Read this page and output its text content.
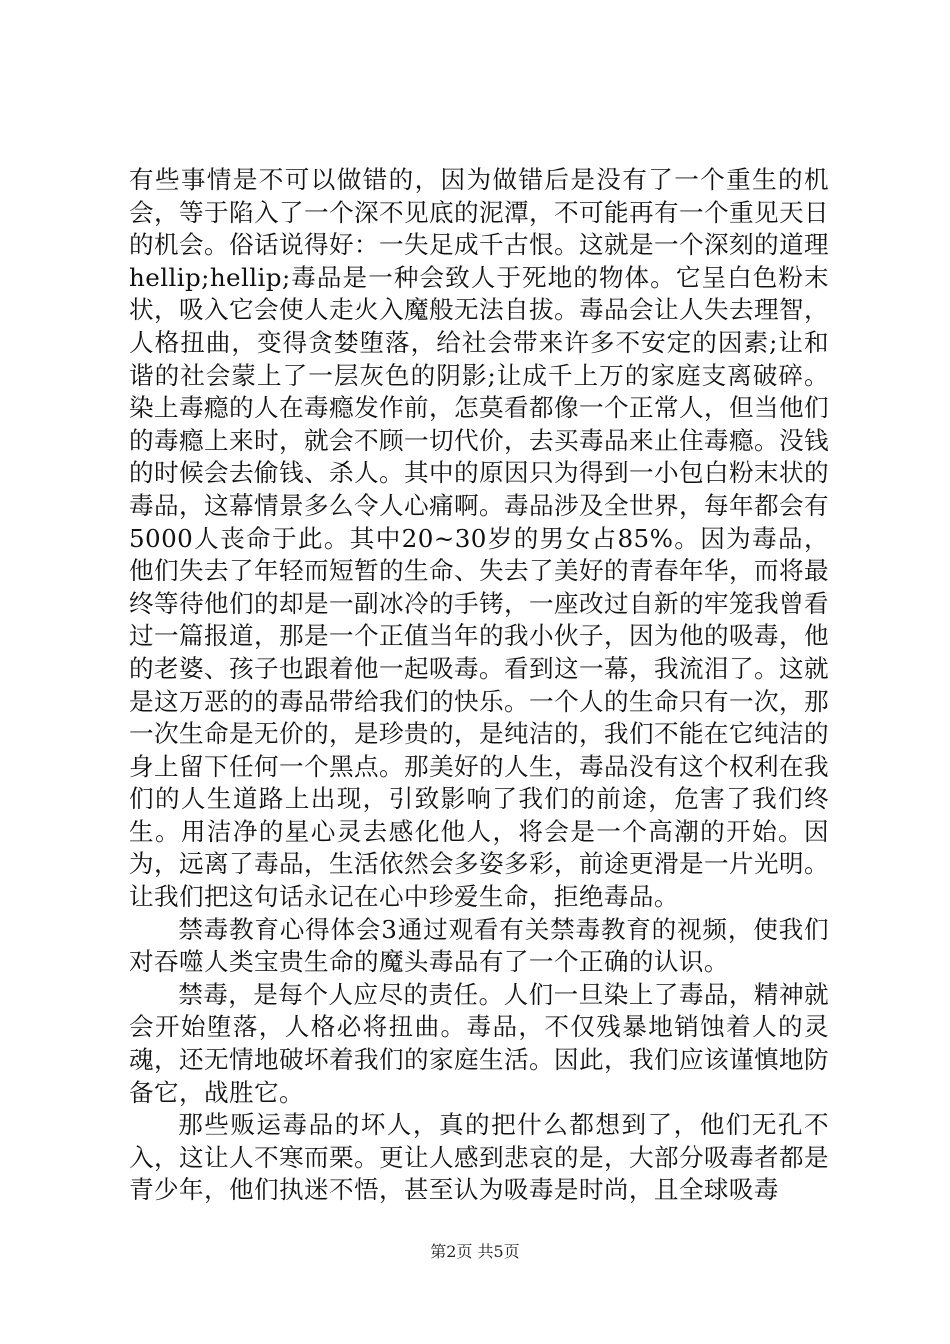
有些事情是不可以做错的，因为做错后是没有了一个重生的机会，等于陷入了一个深不见底的泥潭，不可能再有一个重见天日的机会。俗话说得好：一失足成千古恨。这就是一个深刻的道理hellip;hellip;毒品是一种会致人于死地的物体。它呈白色粉末状，吸入它会使人走火入魔般无法自拔。毒品会让人失去理智，人格扭曲，变得贪婪堕落，给社会带来许多不安定的因素;让和谐的社会蒙上了一层灰色的阴影;让成千上万的家庭支离破碎。染上毒瘾的人在毒瘾发作前，怎莫看都像一个正常人，但当他们的毒瘾上来时，就会不顾一切代价，去买毒品来止住毒瘾。没钱的时候会去偷钱、杀人。其中的原因只为得到一小包白粉末状的毒品，这幕情景多么令人心痛啊。毒品涉及全世界，每年都会有5000人丧命于此。其中20~30岁的男女占85%。因为毒品，他们失去了年轻而短暂的生命、失去了美好的青春年华，而将最终等待他们的却是一副冰冷的手铐，一座改过自新的牢笼我曾看过一篇报道，那是一个正值当年的我小伙子，因为他的吸毒，他的老婆、孩子也跟着他一起吸毒。看到这一幕，我流泪了。这就是这万恶的的毒品带给我们的快乐。一个人的生命只有一次，那一次生命是无价的，是珍贵的，是纯洁的，我们不能在它纯洁的身上留下任何一个黑点。那美好的人生，毒品没有这个权利在我们的人生道路上出现，引致影响了我们的前途，危害了我们终生。用洁净的星心灵去感化他人，将会是一个高潮的开始。因为，远离了毒品，生活依然会多姿多彩，前途更滑是一片光明。让我们把这句话永记在心中珍爱生命，拒绝毒品。

禁毒教育心得体会3通过观看有关禁毒教育的视频，使我们对吞噬人类宝贵生命的魔头毒品有了一个正确的认识。

禁毒，是每个人应尽的责任。人们一旦染上了毒品，精神就会开始堕落，人格必将扭曲。毒品，不仅残暴地销蚀着人的灵魂，还无情地破坏着我们的家庭生活。因此，我们应该谨慎地防备它，战胜它。

那些贩运毒品的坏人，真的把什么都想到了，他们无孔不入，这让人不寒而栗。更让人感到悲哀的是，大部分吸毒者都是青少年，他们执迷不悟，甚至认为吸毒是时尚，且全球吸毒

第2页 共5页
